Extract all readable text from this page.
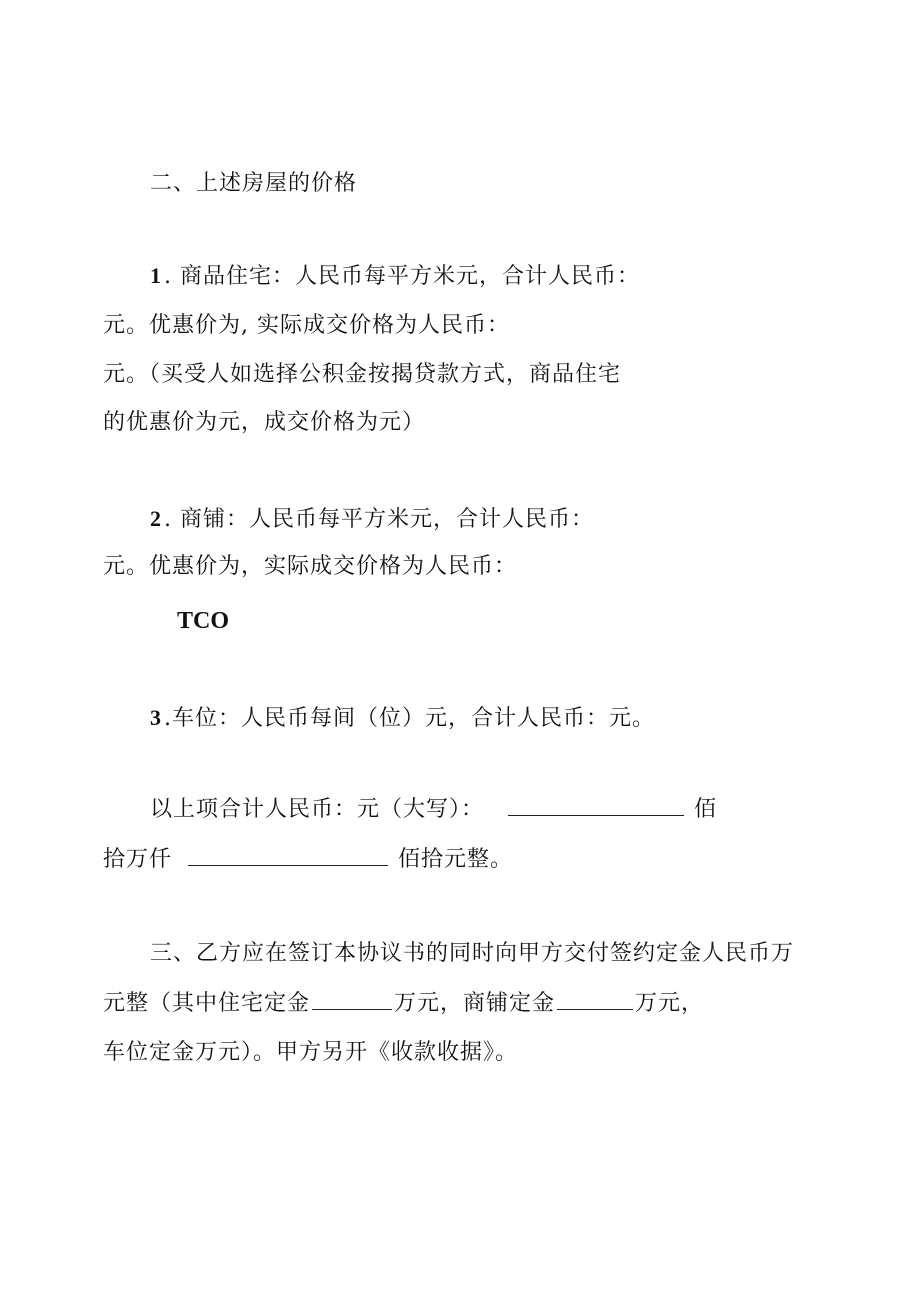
二、上述房屋的价格
1. 商品住宅：人民币每平方米元，合计人民币：
元。优惠价为, 实际成交价格为人民币：
元。（买受人如选择公积金按揭贷款方式，商品住宅
的优惠价为元，成交价格为元）
2. 商铺：人民币每平方米元，合计人民币：
元。优惠价为，实际成交价格为人民币：
TCO
3.车位：人民币每间（位）元，合计人民币：元。
以上项合计人民币：元（大写）：	佰
拾万仟	佰拾元整。
三、乙方应在签订本协议书的同时向甲方交付签约定金人民币万
元整（其中住宅定金	万元，商铺定金	万元，
车位定金万元）。甲方另开《收款收据》。
